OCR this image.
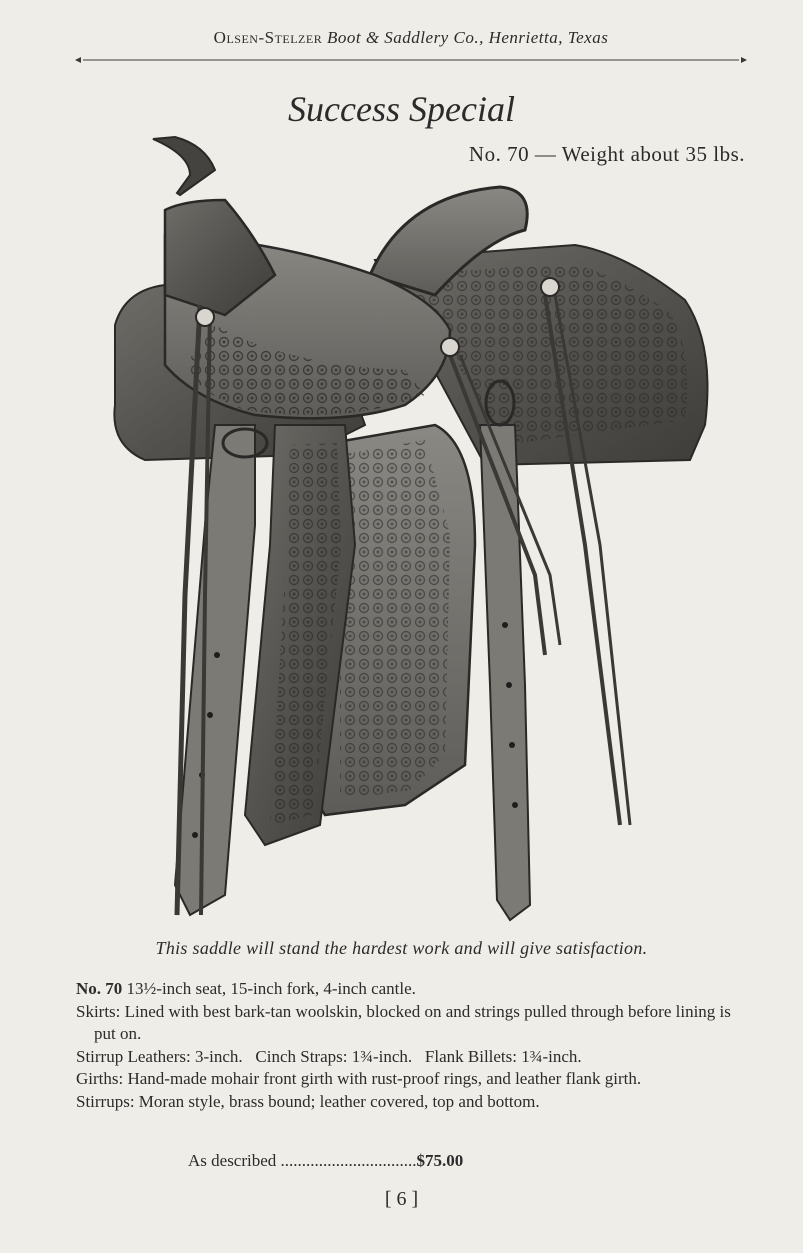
Olsen-Stelzer Boot & Saddlery Co., Henrietta, Texas
Success Special
No. 70 — Weight about 35 lbs.
This saddle will stand the hardest work and will give satisfaction.

No. 70 13½-inch seat, 15-inch fork, 4-inch cantle.

Skirts: Lined with best bark-tan woolskin, blocked on and strings pulled through before lining is put on.

Stirrup Leathers: 3-inch.   Cinch Straps: 1¾-inch.   Flank Billets: 1¾-inch.

Girths: Hand-made mohair front girth with rust-proof rings, and leather flank girth.

Stirrups: Moran style, brass bound; leather covered, top and bottom.

As described ................................$75.00
[ 6 ]
